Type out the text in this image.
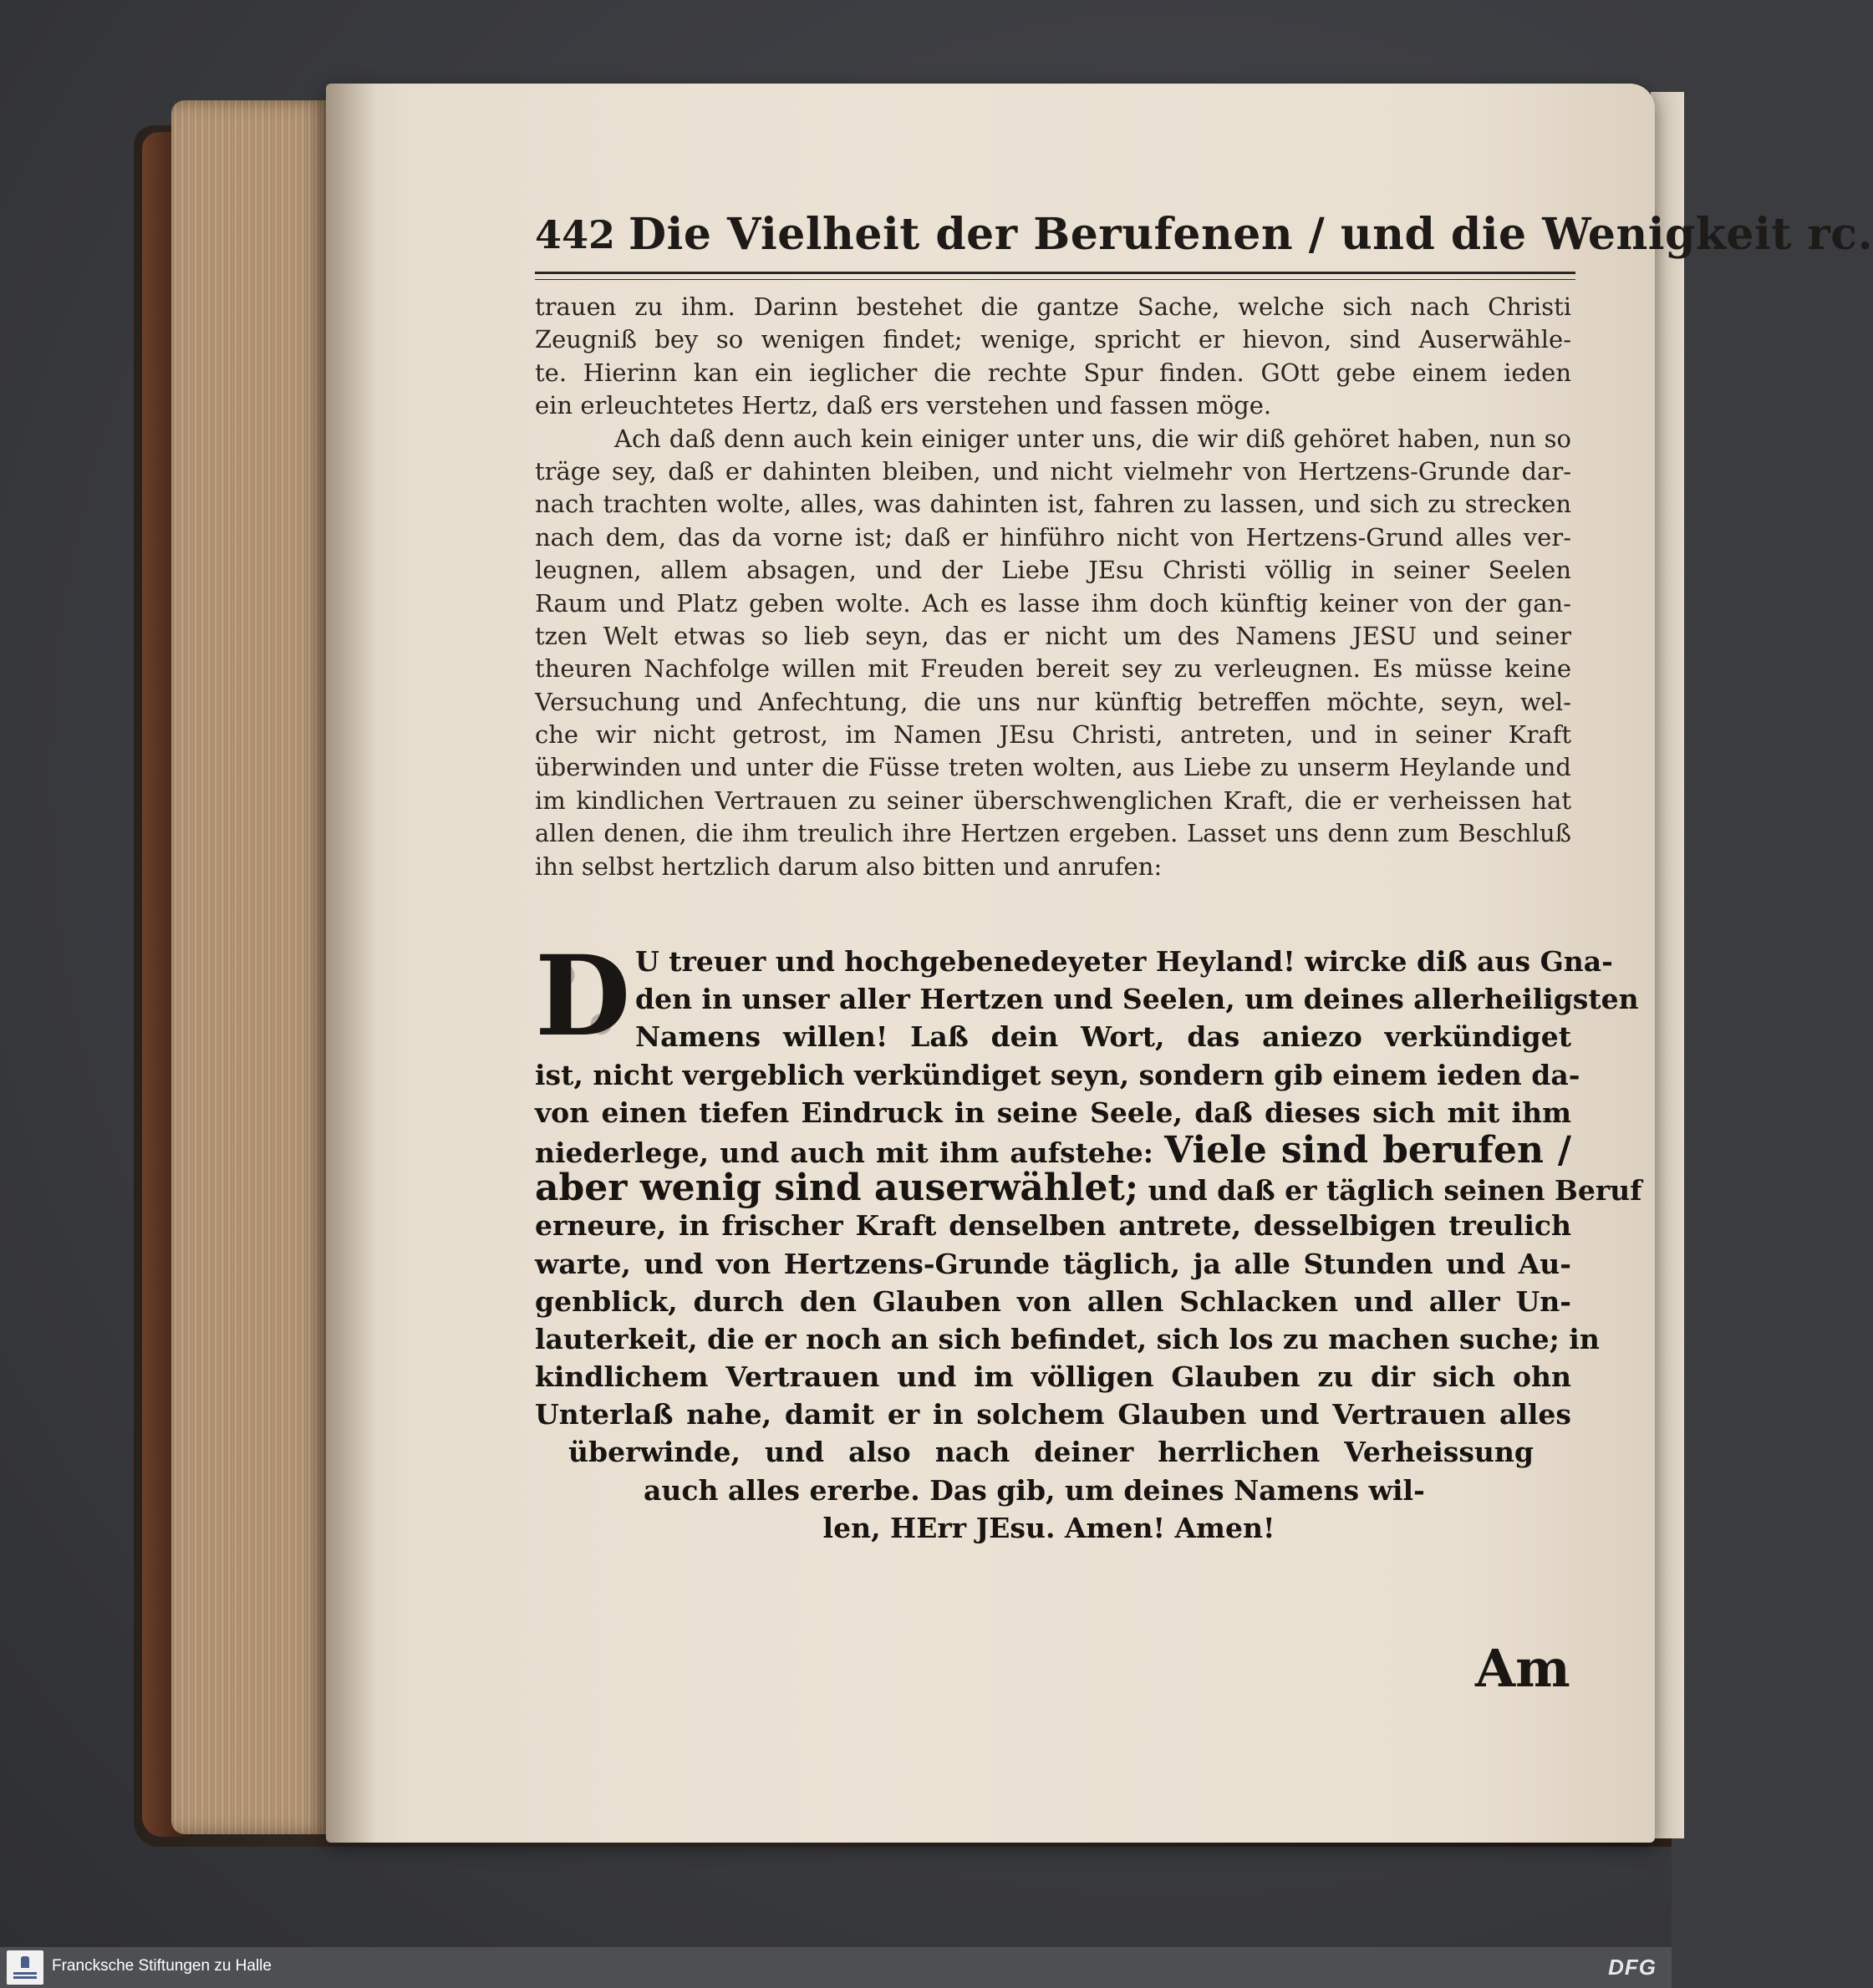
442 Die Vielheit der Berufenen / und die Wenigkeit rc.
trauen zu ihm. Darinn bestehet die gantze Sache, welche sich nach Christi
Zeugniß bey so wenigen findet; wenige, spricht er hievon, sind Auserwähle-
te. Hierinn kan ein ieglicher die rechte Spur finden. GOtt gebe einem ieden
ein erleuchtetes Hertz, daß ers verstehen und fassen möge.
Ach daß denn auch kein einiger unter uns, die wir diß gehöret haben, nun so
träge sey, daß er dahinten bleiben, und nicht vielmehr von Hertzens-Grunde dar-
nach trachten wolte, alles, was dahinten ist, fahren zu lassen, und sich zu strecken
nach dem, das da vorne ist; daß er hinführo nicht von Hertzens-Grund alles ver-
leugnen, allem absagen, und der Liebe JEsu Christi völlig in seiner Seelen
Raum und Platz geben wolte. Ach es lasse ihm doch künftig keiner von der gan-
tzen Welt etwas so lieb seyn, das er nicht um des Namens JESU und seiner
theuren Nachfolge willen mit Freuden bereit sey zu verleugnen. Es müsse keine
Versuchung und Anfechtung, die uns nur künftig betreffen möchte, seyn, wel-
che wir nicht getrost, im Namen JEsu Christi, antreten, und in seiner Kraft
überwinden und unter die Füsse treten wolten, aus Liebe zu unserm Heylande und
im kindlichen Vertrauen zu seiner überschwenglichen Kraft, die er verheissen hat
allen denen, die ihm treulich ihre Hertzen ergeben. Lasset uns denn zum Beschluß
ihn selbst hertzlich darum also bitten und anrufen:
D U treuer und hochgebenedeyeter Heyland! wircke diß aus Gna-
den in unser aller Hertzen und Seelen, um deines allerheiligsten
Namens willen! Laß dein Wort, das aniezo verkündiget
ist, nicht vergeblich verkündiget seyn, sondern gib einem ieden da-
von einen tiefen Eindruck in seine Seele, daß dieses sich mit ihm
niederlege, und auch mit ihm aufstehe: Viele sind berufen /
aber wenig sind auserwählet; und daß er täglich seinen Beruf
erneure, in frischer Kraft denselben antrete, desselbigen treulich
warte, und von Hertzens-Grunde täglich, ja alle Stunden und Au-
genblick, durch den Glauben von allen Schlacken und aller Un-
lauterkeit, die er noch an sich befindet, sich los zu machen suche; in
kindlichem Vertrauen und im völligen Glauben zu dir sich ohn
Unterlaß nahe, damit er in solchem Glauben und Vertrauen alles
überwinde, und also nach deiner herrlichen Verheissung
auch alles ererbe. Das gib, um deines Namens wil-
len, HErr JEsu. Amen! Amen!
Am
Francksche Stiftungen zu Halle	DFG
